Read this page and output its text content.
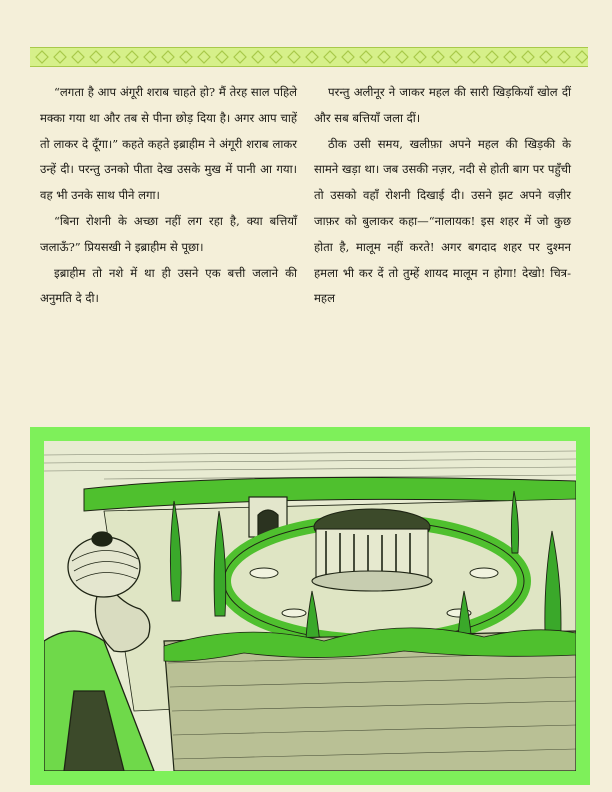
“लगता है आप अंगूरी शराब चाहते हो? मैं तेरह साल पहिले मक्का गया था और तब से पीना छोड़ दिया है। अगर आप चाहें तो लाकर दे दूँगा।” कहते कहते इब्राहीम ने अंगूरी शराब लाकर उन्हें दी। परन्तु उनको पीता देख उसके मुख में पानी आ गया। वह भी उनके साथ पीने लगा।

“बिना रोशनी के अच्छा नहीं लग रहा है, क्या बत्तियाँ जलाऊँ?” प्रियसखी ने इब्राहीम से पूछा।

इब्राहीम तो नशे में था ही उसने एक बत्ती जलाने की अनुमति दे दी।

परन्तु अलीनूर ने जाकर महल की सारी खिड़कियाँ खोल दीं और सब बत्तियाँ जला दीं।

ठीक उसी समय, खलीफ़ा अपने महल की खिड़की के सामने खड़ा था। जब उसकी नज़र, नदी से होती बाग पर पहुँची तो उसको वहाँ रोशनी दिखाई दी। उसने झट अपने वज़ीर जाफ़र को बुलाकर कहा—“नालायक! इस शहर में जो कुछ होता है, मालूम नहीं करते! अगर बगदाद शहर पर दुश्मन हमला भी कर दें तो तुम्हें शायद मालूम न होगा! देखो! चित्र-महल
